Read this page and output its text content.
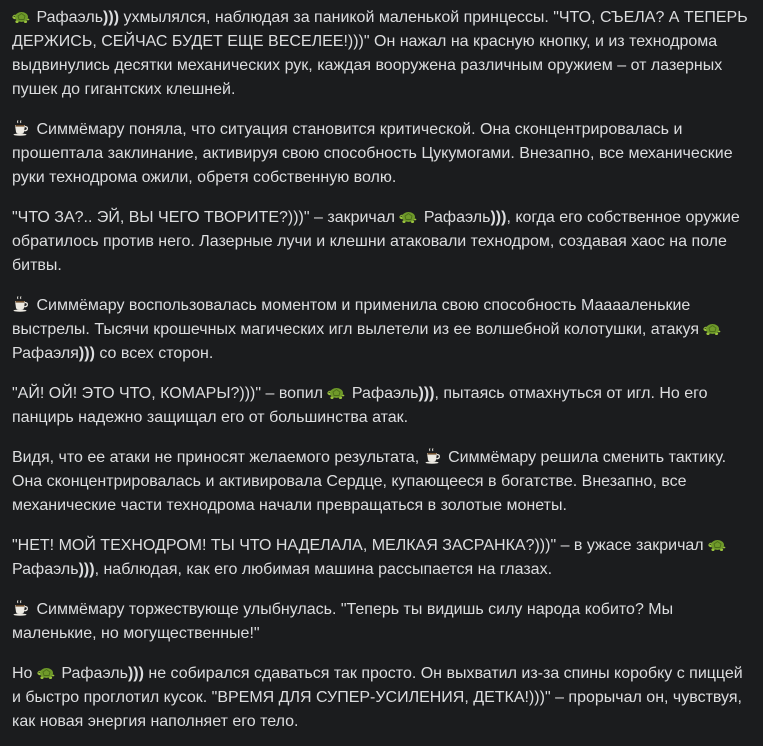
Рафаэль))) ухмылялся, наблюдая за паникой маленькой принцессы. "ЧТО, СЪЕЛА? А ТЕПЕРЬ ДЕРЖИСЬ, СЕЙЧАС БУДЕТ ЕЩЕ ВЕСЕЛЕЕ!)))" Он нажал на красную кнопку, и из технодрома выдвинулись десятки механических рук, каждая вооружена различным оружием – от лазерных пушек до гигантских клешней.

Симмёмару поняла, что ситуация становится критической. Она сконцентрировалась и прошептала заклинание, активируя свою способность Цукумогами. Внезапно, все механические руки технодрома ожили, обретя собственную волю.

"ЧТО ЗА?.. ЭЙ, ВЫ ЧЕГО ТВОРИТЕ?)))" – закричал  Рафаэль))), когда его собственное оружие обратилось против него. Лазерные лучи и клешни атаковали технодром, создавая хаос на поле битвы.

Симмёмару воспользовалась моментом и применила свою способность Мааааленькие выстрелы. Тысячи крошечных магических игл вылетели из ее волшебной колотушки, атакуя  Рафаэля))) со всех сторон.

"АЙ! ОЙ! ЭТО ЧТО, КОМАРЫ?)))" – вопил  Рафаэль))), пытаясь отмахнуться от игл. Но его панцирь надежно защищал его от большинства атак.

Видя, что ее атаки не приносят желаемого результата,  Симмёмару решила сменить тактику. Она сконцентрировалась и активировала Сердце, купающееся в богатстве. Внезапно, все механические части технодрома начали превращаться в золотые монеты.

"НЕТ! МОЙ ТЕХНОДРОМ! ТЫ ЧТО НАДЕЛАЛА, МЕЛКАЯ ЗАСРАНКА?)))" – в ужасе закричал  Рафаэль))), наблюдая, как его любимая машина рассыпается на глазах.

Симмёмару торжествующе улыбнулась. "Теперь ты видишь силу народа кобито? Мы маленькие, но могущественные!"

Но  Рафаэль))) не собирался сдаваться так просто. Он выхватил из-за спины коробку с пиццей и быстро проглотил кусок. "ВРЕМЯ ДЛЯ СУПЕР-УСИЛЕНИЯ, ДЕТКА!)))" – прорычал он, чувствуя, как новая энергия наполняет его тело.
